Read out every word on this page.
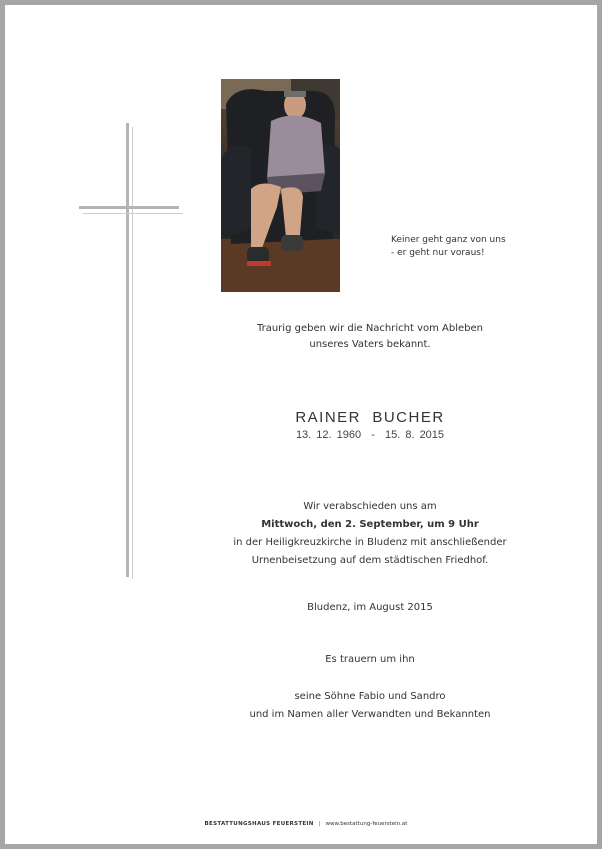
Keiner geht ganz von uns
- er geht nur voraus!
Traurig geben wir die Nachricht vom Ableben
unseres Vaters bekannt.
RAINER  BUCHER
13. 12. 1960  -  15. 8. 2015
Wir verabschieden uns am
Mittwoch, den 2. September, um 9 Uhr
in der Heiligkreuzkirche in Bludenz mit anschließender
Urnenbeisetzung auf dem städtischen Friedhof.
Bludenz, im August 2015
Es trauern um ihn
seine Söhne Fabio und Sandro
und im Namen aller Verwandten und Bekannten
BESTATTUNGSHAUS FEUERSTEIN | www.bestattung-feuerstein.at
